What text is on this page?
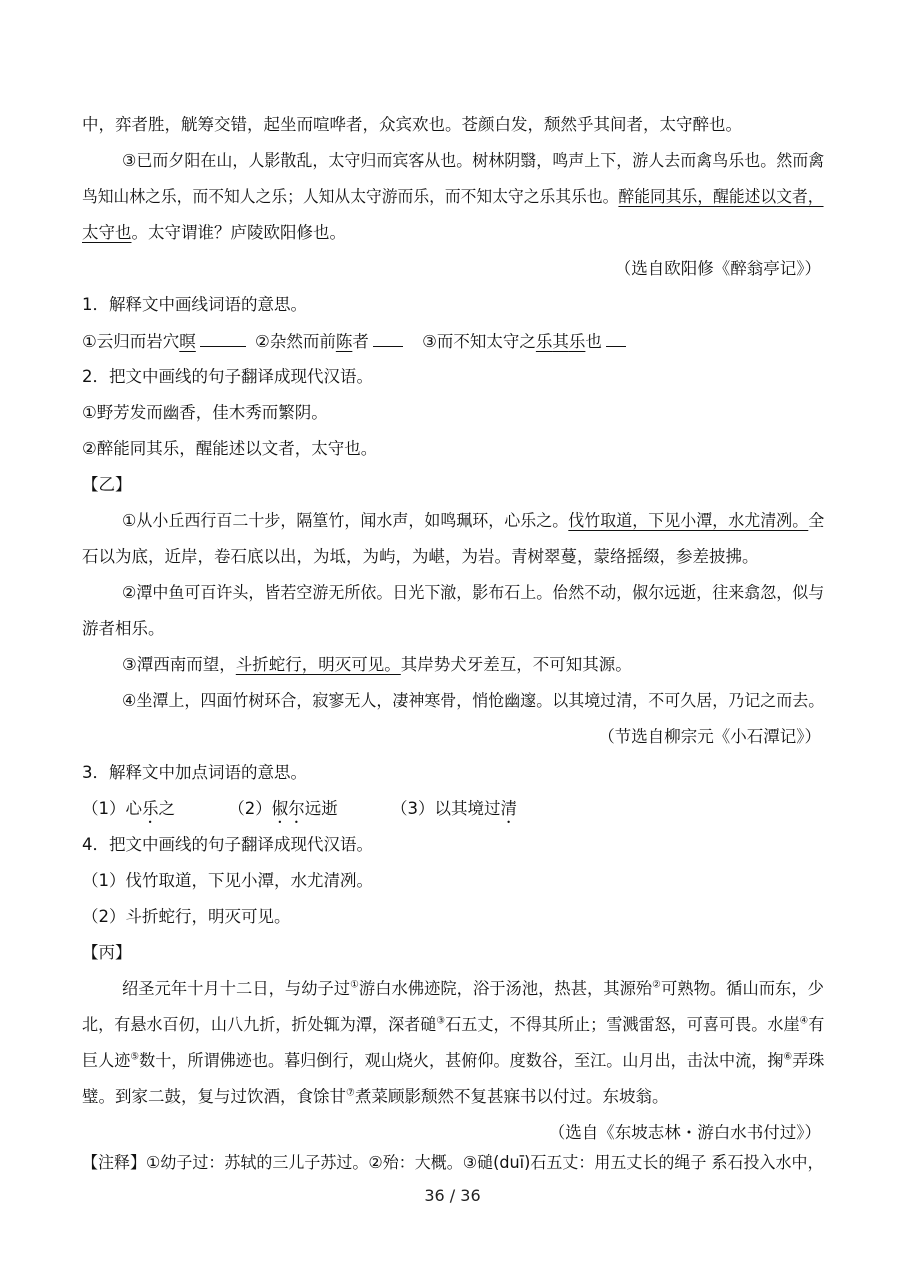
中，弈者胜，觥筹交错，起坐而喧哗者，众宾欢也。苍颜白发，颓然乎其间者，太守醉也。
③已而夕阳在山，人影散乱，太守归而宾客从也。树林阴翳，鸣声上下，游人去而禽鸟乐也。然而禽
鸟知山林之乐，而不知人之乐；人知从太守游而乐，而不知太守之乐其乐也。醉能同其乐，醒能述以文者，
太守也。太守谓谁？庐陵欧阳修也。
（选自欧阳修《醉翁亭记》）
1．解释文中画线词语的意思。
①云归而岩穴暝	②杂然而前陈者	③而不知太守之乐其乐也
2．把文中画线的句子翻译成现代汉语。
①野芳发而幽香，佳木秀而繁阴。
②醉能同其乐，醒能述以文者，太守也。
【乙】
①从小丘西行百二十步，隔篁竹，闻水声，如鸣珮环，心乐之。伐竹取道，下见小潭，水尤清冽。全
石以为底，近岸，卷石底以出，为坻，为屿，为嵁，为岩。青树翠蔓，蒙络摇缀，参差披拂。
②潭中鱼可百许头，皆若空游无所依。日光下澈，影布石上。佁然不动，俶尔远逝，往来翕忽，似与
游者相乐。
③潭西南而望，斗折蛇行，明灭可见。其岸势犬牙差互，不可知其源。
④坐潭上，四面竹树环合，寂寥无人，凄神寒骨，悄怆幽邃。以其境过清，不可久居，乃记之而去。
（节选自柳宗元《小石潭记》）
3．解释文中加点词语的意思。
（1）心乐之	（2）俶尔远逝	（3）以其境过清
4．把文中画线的句子翻译成现代汉语。
（1）伐竹取道，下见小潭，水尤清冽。
（2）斗折蛇行，明灭可见。
【丙】
绍圣元年十月十二日，与幼子过①游白水佛迹院，浴于汤池，热甚，其源殆②可熟物。循山而东，少
北，有悬水百仞，山八九折，折处辄为潭，深者磓③石五丈，不得其所止；雪溅雷怒，可喜可畏。水崖④有
巨人迹⑤数十，所谓佛迹也。暮归倒行，观山烧火，甚俯仰。度数谷，至江。山月出，击汰中流，掬⑥弄珠
璧。到家二鼓，复与过饮酒，食馀甘⑦煮菜顾影颓然不复甚寐书以付过。东坡翁。
（选自《东坡志林・游白水书付过》）
【注释】①幼子过：苏轼的三儿子苏过。②殆：大概。③磓(duī)石五丈：用五丈长的绳子 系石投入水中，
36 / 36
